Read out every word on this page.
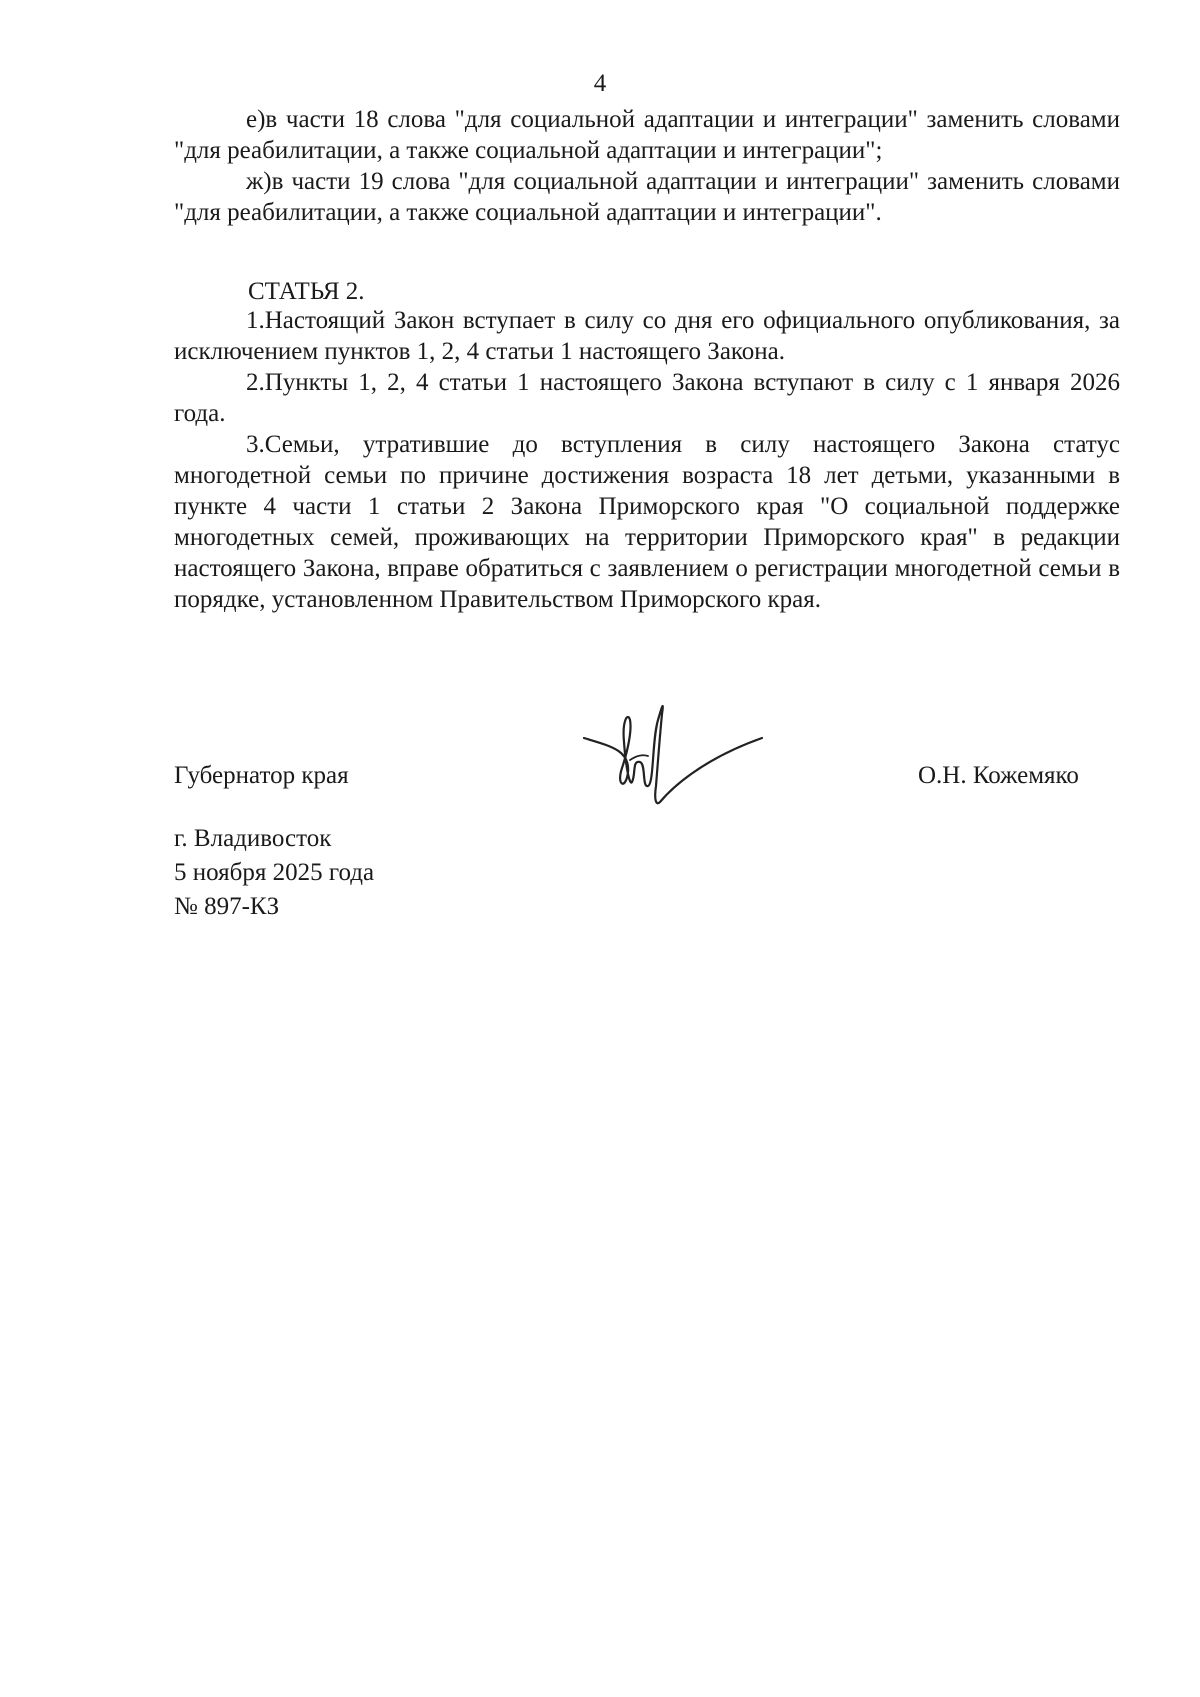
4

е)в части 18 слова "для социальной адаптации и интеграции" заменить словами "для реабилитации, а также социальной адаптации и интеграции";

ж)в части 19 слова "для социальной адаптации и интеграции" заменить словами "для реабилитации, а также социальной адаптации и интеграции".

СТАТЬЯ 2.

1.Настоящий Закон вступает в силу со дня его официального опубликования, за исключением пунктов 1, 2, 4 статьи 1 настоящего Закона.

2.Пункты 1, 2, 4 статьи 1 настоящего Закона вступают в силу с 1 января 2026 года.

3.Семьи, утратившие до вступления в силу настоящего Закона статус многодетной семьи по причине достижения возраста 18 лет детьми, указанными в пункте 4 части 1 статьи 2 Закона Приморского края "О социальной поддержке многодетных семей, проживающих на территории Приморского края" в редакции настоящего Закона, вправе обратиться с заявлением о регистрации многодетной семьи в порядке, установленном Правительством Приморского края.

Губернатор края	О.Н. Кожемяко
г. Владивосток
5 ноября 2025 года
№ 897-КЗ
